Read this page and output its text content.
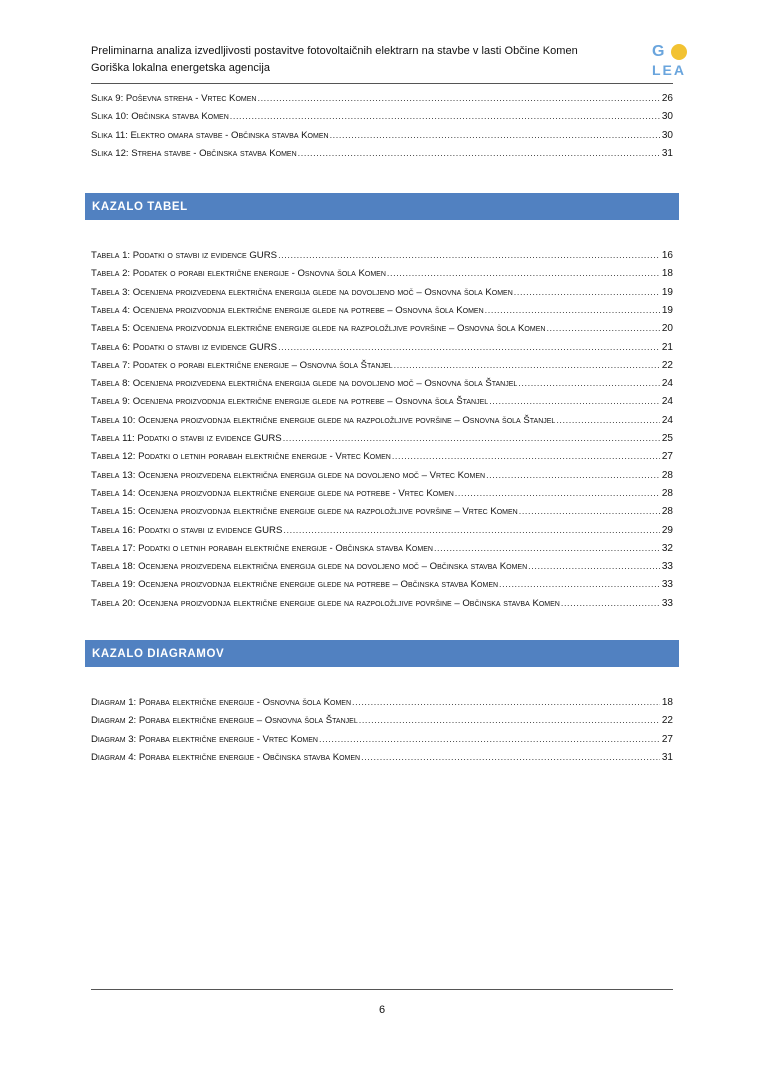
Preliminarna analiza izvedljivosti postavitve fotovoltaičnih elektrarn na stavbe v lasti Občine Komen
Goriška lokalna energetska agencija
G
LEA
Slika 9: Poševna streha - Vrtec Komen .....	26
Slika 10: Občinska stavba Komen .....	30
Slika 11: Elektro omara stavbe - Občinska stavba Komen .....	30
Slika 12: Streha stavbe - Občinska stavba Komen .....	31
KAZALO TABEL
Tabela 1: Podatki o stavbi iz evidence GURS .....	16
Tabela 2: Podatek o porabi električne energije - Osnovna šola Komen .....	18
Tabela 3: Ocenjena proizvedena električna energija glede na dovoljeno moč – Osnovna šola Komen .....	19
Tabela 4: Ocenjena proizvodnja električne energije glede na potrebe – Osnovna šola Komen .....	19
Tabela 5: Ocenjena proizvodnja električne energije glede na razpoložljive površine – Osnovna šola Komen .....	20
Tabela 6: Podatki o stavbi iz evidence GURS .....	21
Tabela 7: Podatek o porabi električne energije – Osnovna šola Štanjel .....	22
Tabela 8: Ocenjena proizvedena električna energija glede na dovoljeno moč – Osnovna šola Štanjel .....	24
Tabela 9: Ocenjena proizvodnja električne energije glede na potrebe – Osnovna šola Štanjel .....	24
Tabela 10: Ocenjena proizvodnja električne energije glede na razpoložljive površine – Osnovna šola Štanjel .....	24
Tabela 11: Podatki o stavbi iz evidence GURS .....	25
Tabela 12: Podatki o letnih porabah električne energije - Vrtec Komen .....	27
Tabela 13: Ocenjena proizvedena električna energija glede na dovoljeno moč – Vrtec Komen .....	28
Tabela 14: Ocenjena proizvodnja električne energije glede na potrebe - Vrtec Komen .....	28
Tabela 15: Ocenjena proizvodnja električne energije glede na razpoložljive površine – Vrtec Komen .....	28
Tabela 16: Podatki o stavbi iz evidence GURS .....	29
Tabela 17: Podatki o letnih porabah električne energije - Občinska stavba Komen .....	32
Tabela 18: Ocenjena proizvedena električna energija glede na dovoljeno moč – Občinska stavba Komen .....	33
Tabela 19: Ocenjena proizvodnja električne energije glede na potrebe – Občinska stavba Komen .....	33
Tabela 20: Ocenjena proizvodnja električne energije glede na razpoložljive površine – Občinska stavba Komen .....	33
KAZALO DIAGRAMOV
Diagram 1: Poraba električne energije - Osnovna šola Komen .....	18
Diagram 2: Poraba električne energije – Osnovna šola Štanjel .....	22
Diagram 3: Poraba električne energije - Vrtec Komen .....	27
Diagram 4: Poraba električne energije - Občinska stavba Komen .....	31
6
